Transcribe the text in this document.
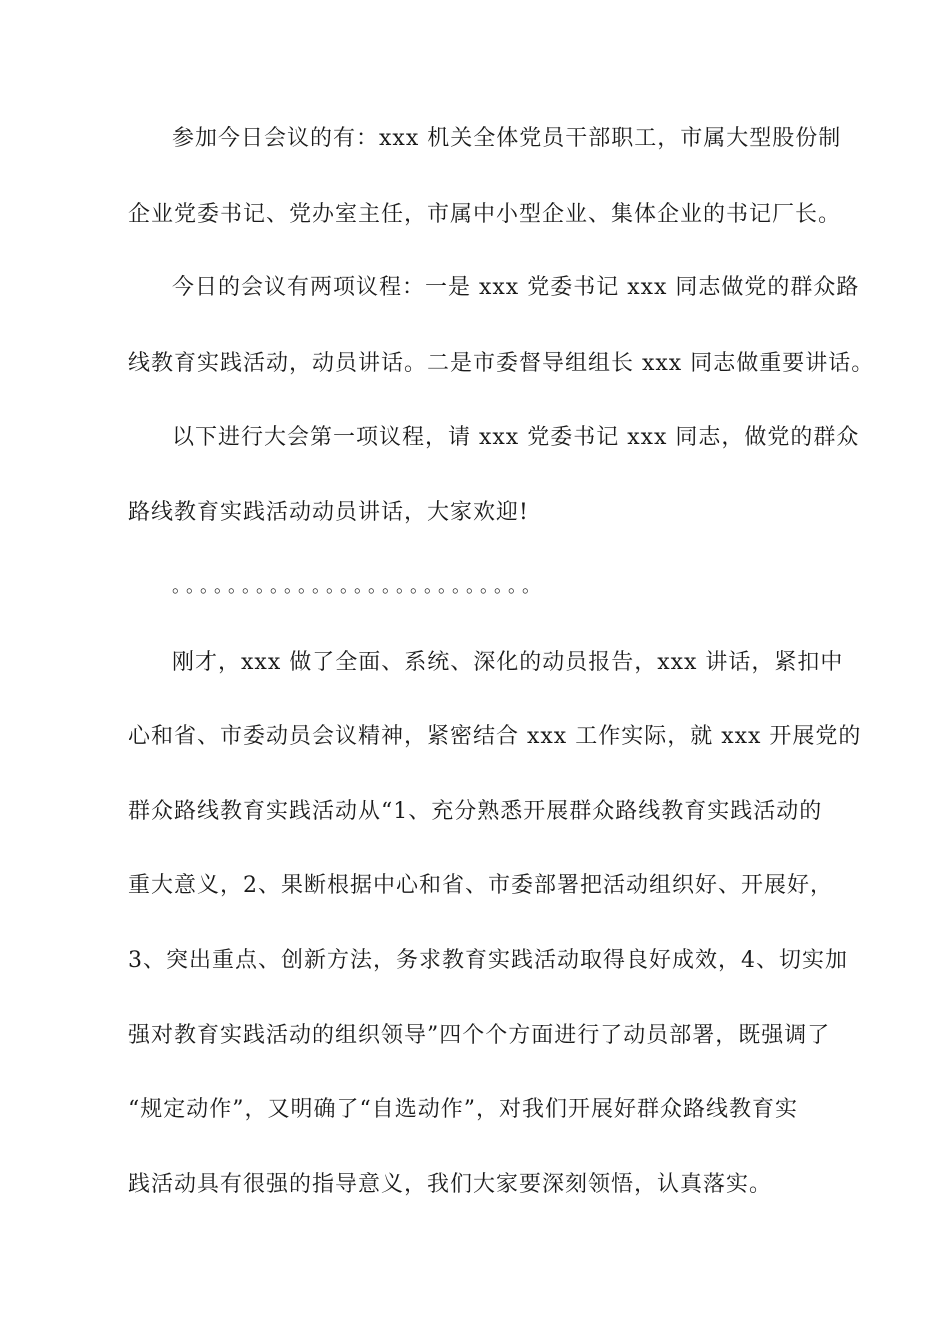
参加今日会议的有：xxx 机关全体党员干部职工，市属大型股份制

企业党委书记、党办室主任，市属中小型企业、集体企业的书记厂长。

今日的会议有两项议程：一是 xxx 党委书记 xxx 同志做党的群众路

线教育实践活动，动员讲话。二是市委督导组组长 xxx 同志做重要讲话。

以下进行大会第一项议程，请 xxx 党委书记 xxx 同志，做党的群众

路线教育实践活动动员讲话，大家欢迎!

。。。。。。。。。。。。。。。。。。。。。。。。。。

刚才，xxx 做了全面、系统、深化的动员报告，xxx 讲话，紧扣中

心和省、市委动员会议精神，紧密结合 xxx 工作实际，就 xxx 开展党的

群众路线教育实践活动从“1、充分熟悉开展群众路线教育实践活动的

重大意义，2、果断根据中心和省、市委部署把活动组织好、开展好，

3、突出重点、创新方法，务求教育实践活动取得良好成效，4、切实加

强对教育实践活动的组织领导”四个个方面进行了动员部署，既强调了

“规定动作”，又明确了“自选动作”，对我们开展好群众路线教育实

践活动具有很强的指导意义，我们大家要深刻领悟，认真落实。
